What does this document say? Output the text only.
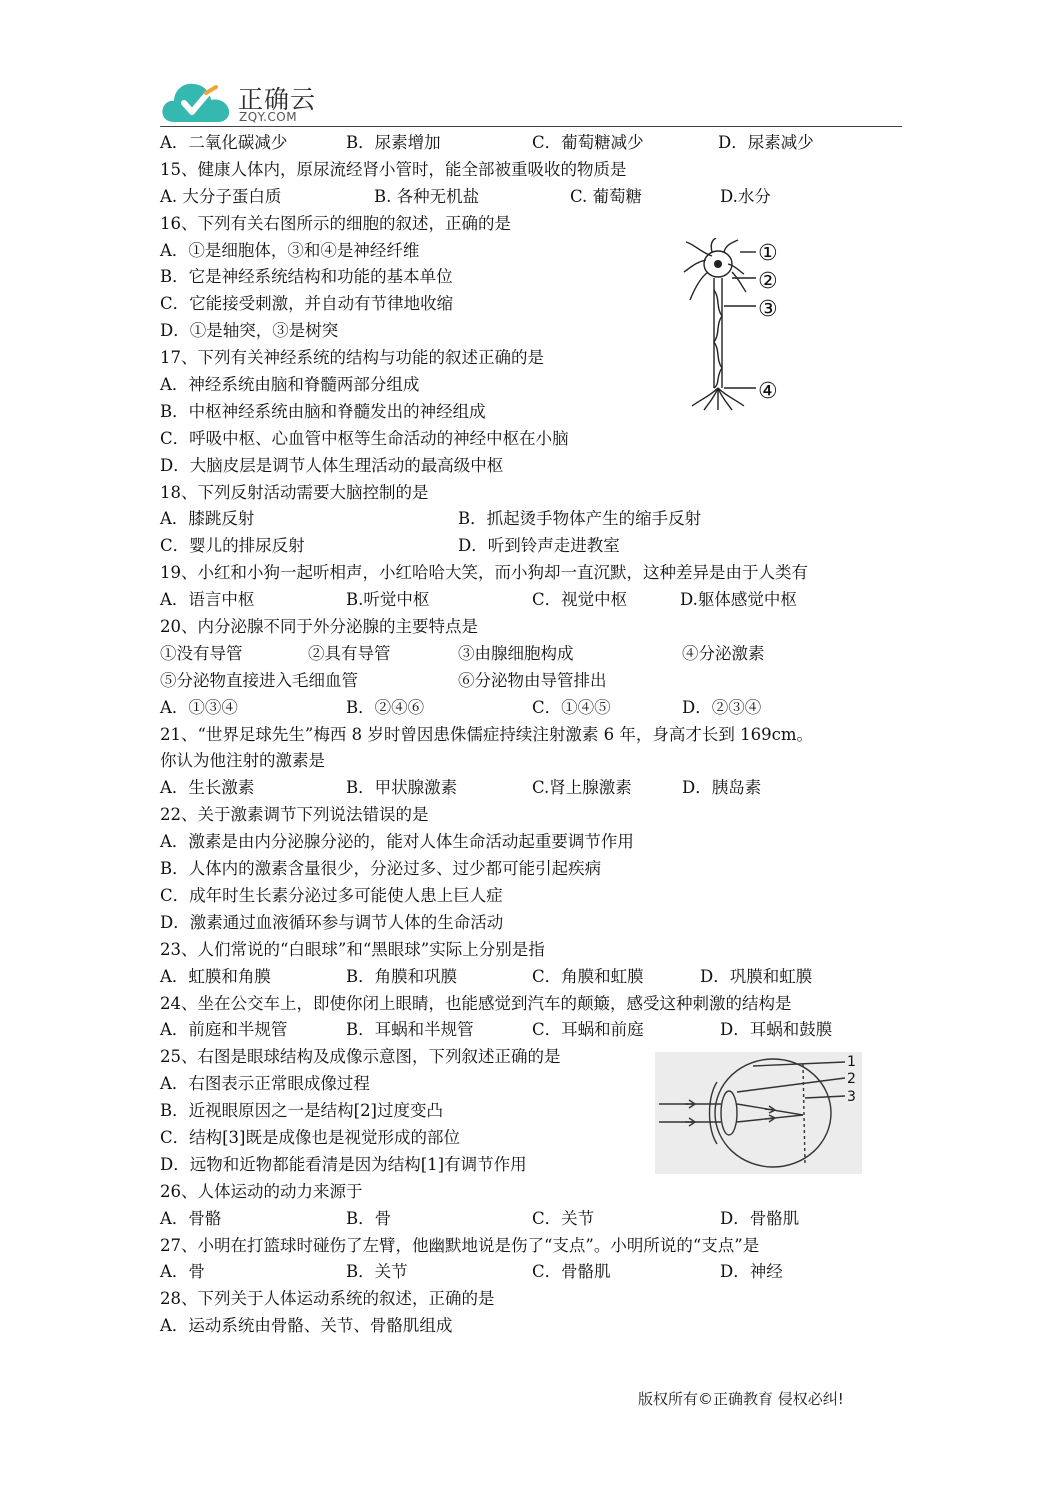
正确云
ZQY.COM
A．二氧化碳减少	B．尿素增加	C．葡萄糖减少	D．尿素减少
15、健康人体内，原尿流经肾小管时，能全部被重吸收的物质是
A. 大分子蛋白质	B. 各种无机盐	C. 葡萄糖	D.水分
16、下列有关右图所示的细胞的叙述，正确的是
A．①是细胞体，③和④是神经纤维
B．它是神经系统结构和功能的基本单位
C．它能接受刺激，并自动有节律地收缩
D．①是轴突，③是树突
17、下列有关神经系统的结构与功能的叙述正确的是
A．神经系统由脑和脊髓两部分组成
B．中枢神经系统由脑和脊髓发出的神经组成
C．呼吸中枢、心血管中枢等生命活动的神经中枢在小脑
D．大脑皮层是调节人体生理活动的最高级中枢
18、下列反射活动需要大脑控制的是
A．膝跳反射	B．抓起烫手物体产生的缩手反射
C．婴儿的排尿反射	D．听到铃声走进教室
19、小红和小狗一起听相声，小红哈哈大笑，而小狗却一直沉默，这种差异是由于人类有
A．语言中枢	B.听觉中枢	C．视觉中枢	D.躯体感觉中枢
20、内分泌腺不同于外分泌腺的主要特点是
①没有导管	②具有导管	③由腺细胞构成	④分泌激素
⑤分泌物直接进入毛细血管	⑥分泌物由导管排出
A．①③④	B．②④⑥	C．①④⑤	D．②③④
21、“世界足球先生”梅西 8 岁时曾因患侏儒症持续注射激素 6 年，身高才长到 169cm。
你认为他注射的激素是
A．生长激素	B．甲状腺激素	C.肾上腺激素	D．胰岛素
22、关于激素调节下列说法错误的是
A．激素是由内分泌腺分泌的，能对人体生命活动起重要调节作用
B．人体内的激素含量很少，分泌过多、过少都可能引起疾病
C．成年时生长素分泌过多可能使人患上巨人症
D．激素通过血液循环参与调节人体的生命活动
23、人们常说的“白眼球”和“黑眼球”实际上分别是指
A．虹膜和角膜	B．角膜和巩膜	C．角膜和虹膜	D．巩膜和虹膜
24、坐在公交车上，即使你闭上眼睛，也能感觉到汽车的颠簸，感受这种刺激的结构是
A．前庭和半规管	B．耳蜗和半规管	C．耳蜗和前庭	D．耳蜗和鼓膜
25、右图是眼球结构及成像示意图，下列叙述正确的是
A．右图表示正常眼成像过程
B．近视眼原因之一是结构[2]过度变凸
C．结构[3]既是成像也是视觉形成的部位
D．远物和近物都能看清是因为结构[1]有调节作用
26、人体运动的动力来源于
A．骨骼	B．骨	C．关节	D．骨骼肌
27、小明在打篮球时碰伤了左臂，他幽默地说是伤了“支点”。小明所说的“支点”是
A．骨	B．关节	C．骨骼肌	D．神经
28、下列关于人体运动系统的叙述，正确的是
A．运动系统由骨骼、关节、骨骼肌组成
①
②
③
④
1
2
3
版权所有©正确教育 侵权必纠!
